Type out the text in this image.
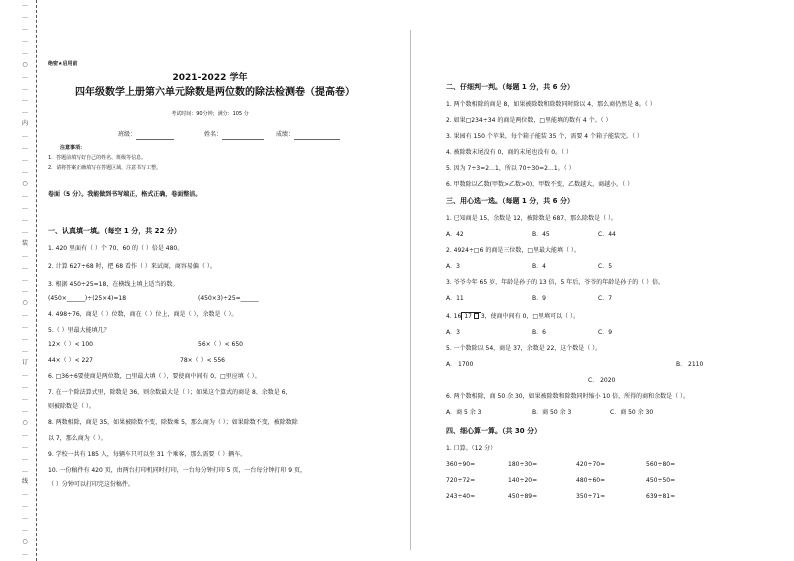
…
…
…
…
…
○
…
…
…
…
内
…
…
…
…
○
…
…
…
…
装
…
…
…
…
○
…
…
…
…
订
…
…
…
…
○
…
…
…
…
线
…
…
…
…
○
…
绝密★启用前
2021-2022 学年
四年级数学上册第六单元除数是两位数的除法检测卷（提高卷）
考试时间：90分钟；满分：105 分
班级：	姓名：	成绩：
注意事项：
1．答题前填写好自己的姓名、班级等信息。
2．请将答案正确填写在答题区域，注意书写工整。
卷面（5 分）。我能做到书写端正，格式正确，卷面整洁。
一、认真填一填。（每空 1 分，共 22 分）
1. 420 里面有（ ）个 70、60 的（ ）倍是 480。
2. 计算 627÷68 时，把 68 看作（ ）来试商，商容易偏（ ）。
3. 根据 450÷25=18，在横线上填上适当的数。
(450×______)÷(25×4)=18	(450×3)÷25=______
4. 498÷76，商是（ ）位数，商在（ ）位上，商是（ ），余数是（ ）。
5.（ ）里最大能填几？
12×（ ）< 100	56×（ ）< 650
44×（ ）< 227	78×（ ）< 556
6. □36÷6要使商是两位数，□里最大填（ ），要使商中间有 0，□里应填（ ）。
7. 在一个除法算式里，除数是 36，则余数最大是（ ）；如果这个算式的商是 8、余数是 6，
则被除数是（ ）。
8. 两数相除，商是 35，如果被除数不变，除数乘 5，那么商为（ ）；如果除数不变，被除数除
以 7，那么商为（ ）。
9. 学校一共有 185 人，每辆车只可以坐 31 个乘客，那么需要（ ）辆车。
10. 一份稿件有 420 页，由两台打印机同时打印，一台每分钟打印 5 页，一台每分钟打印 9 页，
（ ）分钟可以打印完这份稿件。
二、仔细判一判。（每题 1 分，共 6 分）
1. 两个数相除的商是 8，如果被除数和除数同时除以 4，那么商仍然是 8。（ ）
2. 如果□234÷34 的商是两位数，□里能填的数有 4 个。（ ）
3. 果园有 150 个苹果，每个箱子能装 35 个，需要 4 个箱子能装完。（ ）
4. 被除数末尾没有 0，商的末尾也没有 0。（ ）
5. 因为 7÷3=2…1，所以 70÷30=2…1。（ ）
6. 甲数除以乙数(甲数>乙数>0)，甲数不变，乙数越大，商越小。（ ）
三、用心选一选。（每题 1 分，共 6 分）
1. 已知商是 15，余数是 12，被除数是 687，那么除数是（ ）。
A．42	B．45	C．44
2. 4924÷□6 的商是三位数，□里最大能填（ ）。
A．3	B．4	C．5
3. 爷爷今年 65 岁，年龄是孙子的 13 倍，5 年后，爷爷的年龄是孙子的（ ）倍。
A．11	B．9	C．7
4. 16 17 3，使商中间有 0，□里填可以（ ）。
A．3	B．6	C．9
5. 一个数除以 54，商是 37，余数是 22，这个数是（ ）。
A． 1700	B． 2110
C． 2020
6. 两个数相除，商 50 余 30，如果被除数和除数同时缩小 10 倍，所得的商和余数是（ ）。
A．商 5 余 3	B．商 50 余 3	C．商 50 余 30
四、细心算一算。（共 30 分）
1. 口算。（12 分）
360÷90=	180÷30=	420÷70=	560÷80=
720÷72=	140÷20=	480÷60=	450÷50=
243÷40≈	450÷89≈	350÷71≈	639÷81≈
